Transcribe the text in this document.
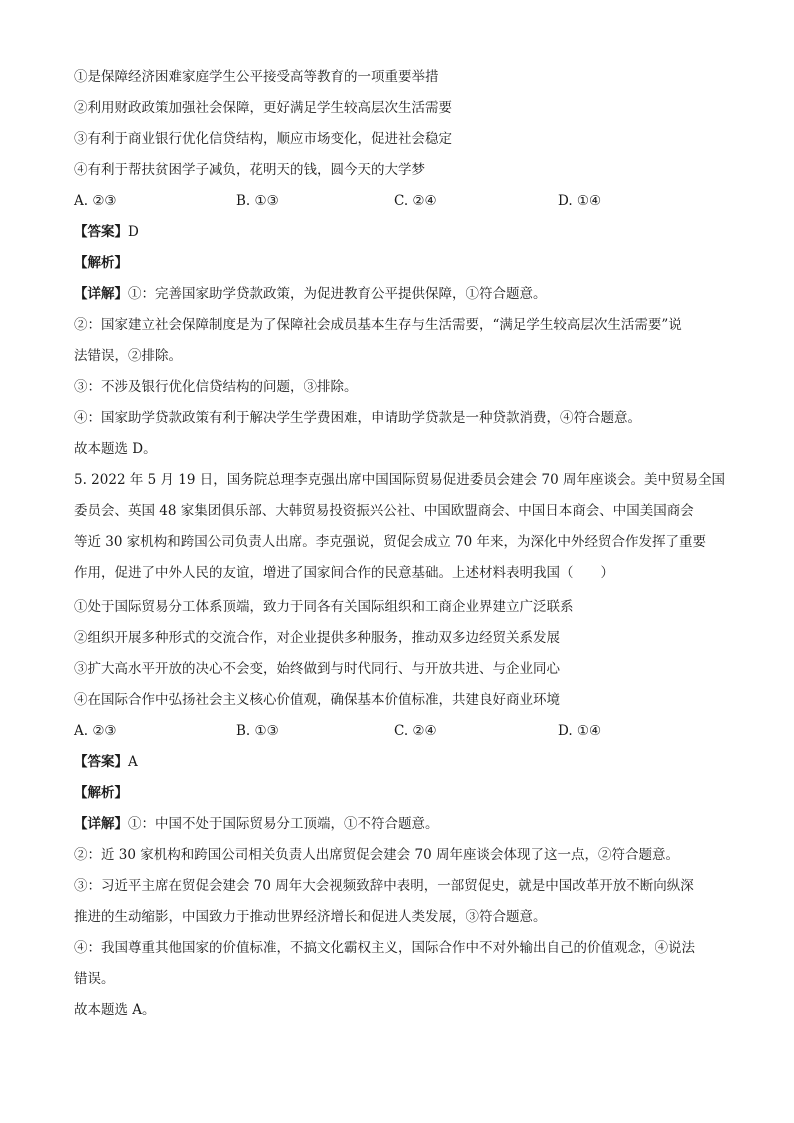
①是保障经济困难家庭学生公平接受高等教育的一项重要举措
②利用财政政策加强社会保障，更好满足学生较高层次生活需要
③有利于商业银行优化信贷结构，顺应市场变化，促进社会稳定
④有利于帮扶贫困学子减负，花明天的钱，圆今天的大学梦
A. ②③	B. ①③	C. ②④	D. ①④
【答案】D
【解析】
【详解】①：完善国家助学贷款政策，为促进教育公平提供保障，①符合题意。
②：国家建立社会保障制度是为了保障社会成员基本生存与生活需要，“满足学生较高层次生活需要”说
法错误，②排除。
③：不涉及银行优化信贷结构的问题，③排除。
④：国家助学贷款政策有利于解决学生学费困难，申请助学贷款是一种贷款消费，④符合题意。
故本题选 D。
5. 2022 年 5 月 19 日，国务院总理李克强出席中国国际贸易促进委员会建会 70 周年座谈会。美中贸易全国
委员会、英国 48 家集团俱乐部、大韩贸易投资振兴公社、中国欧盟商会、中国日本商会、中国美国商会
等近 30 家机构和跨国公司负责人出席。李克强说，贸促会成立 70 年来，为深化中外经贸合作发挥了重要
作用，促进了中外人民的友谊，增进了国家间合作的民意基础。上述材料表明我国（　　）
①处于国际贸易分工体系顶端，致力于同各有关国际组织和工商企业界建立广泛联系
②组织开展多种形式的交流合作，对企业提供多种服务，推动双多边经贸关系发展
③扩大高水平开放的决心不会变，始终做到与时代同行、与开放共进、与企业同心
④在国际合作中弘扬社会主义核心价值观，确保基本价值标准，共建良好商业环境
A. ②③	B. ①③	C. ②④	D. ①④
【答案】A
【解析】
【详解】①：中国不处于国际贸易分工顶端，①不符合题意。
②：近 30 家机构和跨国公司相关负责人出席贸促会建会 70 周年座谈会体现了这一点，②符合题意。
③：习近平主席在贸促会建会 70 周年大会视频致辞中表明，一部贸促史，就是中国改革开放不断向纵深
推进的生动缩影，中国致力于推动世界经济增长和促进人类发展，③符合题意。
④：我国尊重其他国家的价值标准，不搞文化霸权主义，国际合作中不对外输出自己的价值观念，④说法
错误。
故本题选 A。
